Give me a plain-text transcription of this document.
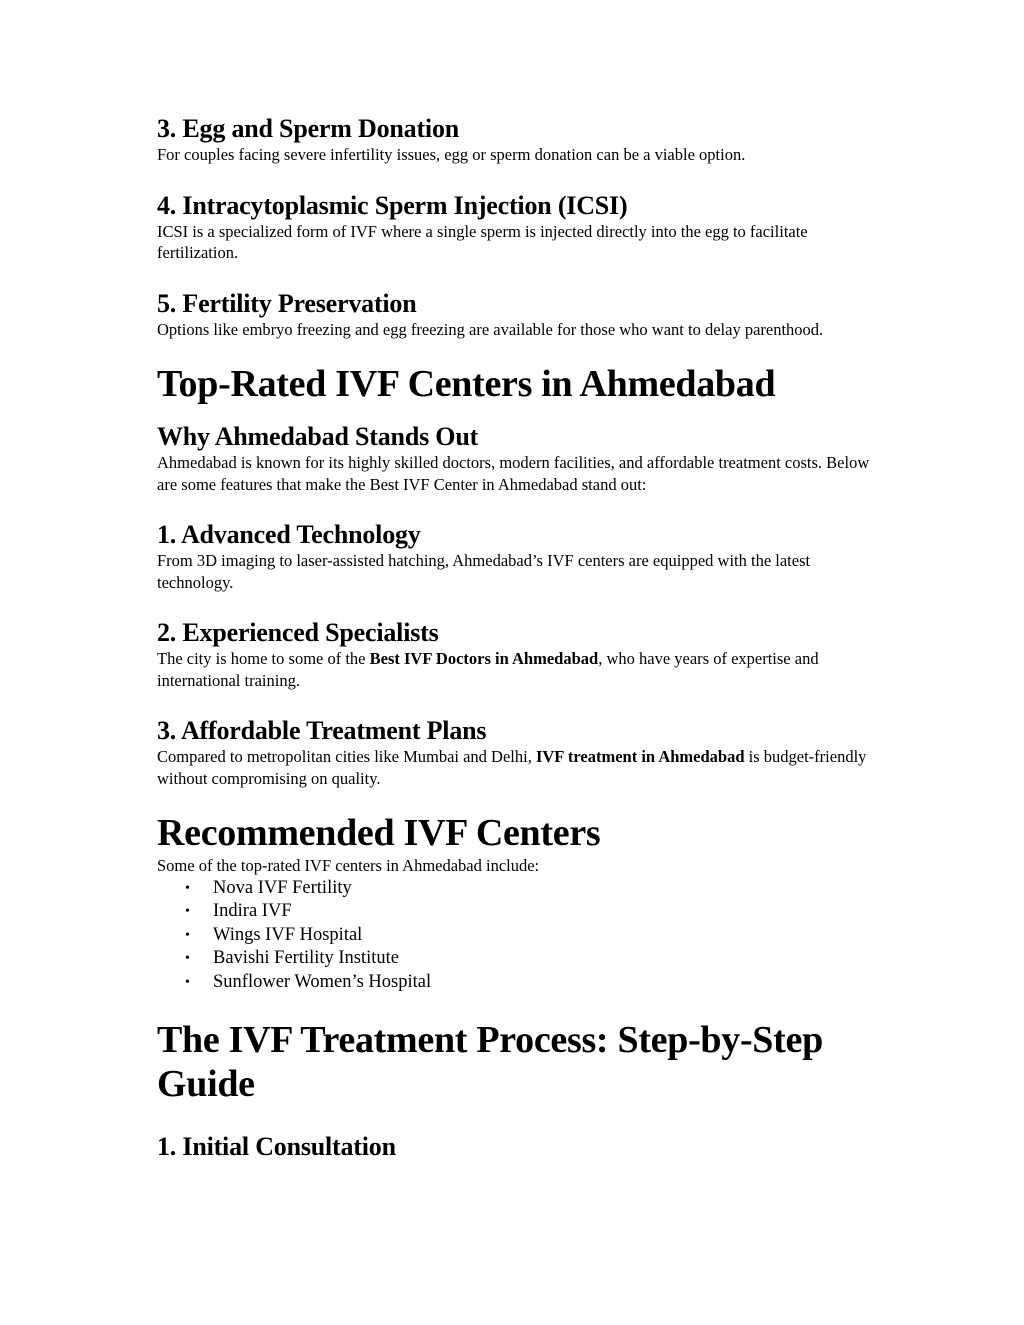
3. Egg and Sperm Donation

For couples facing severe infertility issues, egg or sperm donation can be a viable option.

4. Intracytoplasmic Sperm Injection (ICSI)

ICSI is a specialized form of IVF where a single sperm is injected directly into the egg to facilitate fertilization.

5. Fertility Preservation

Options like embryo freezing and egg freezing are available for those who want to delay parenthood.

Top-Rated IVF Centers in Ahmedabad
Why Ahmedabad Stands Out

Ahmedabad is known for its highly skilled doctors, modern facilities, and affordable treatment costs. Below are some features that make the Best IVF Center in Ahmedabad stand out:

1. Advanced Technology

From 3D imaging to laser-assisted hatching, Ahmedabad’s IVF centers are equipped with the latest technology.

2. Experienced Specialists

The city is home to some of the Best IVF Doctors in Ahmedabad, who have years of expertise and international training.

3. Affordable Treatment Plans

Compared to metropolitan cities like Mumbai and Delhi, IVF treatment in Ahmedabad is budget-friendly without compromising on quality.

Recommended IVF Centers

Some of the top-rated IVF centers in Ahmedabad include:

• Nova IVF Fertility
• Indira IVF
• Wings IVF Hospital
• Bavishi Fertility Institute
• Sunflower Women’s Hospital
The IVF Treatment Process: Step-by-Step Guide
1. Initial Consultation
